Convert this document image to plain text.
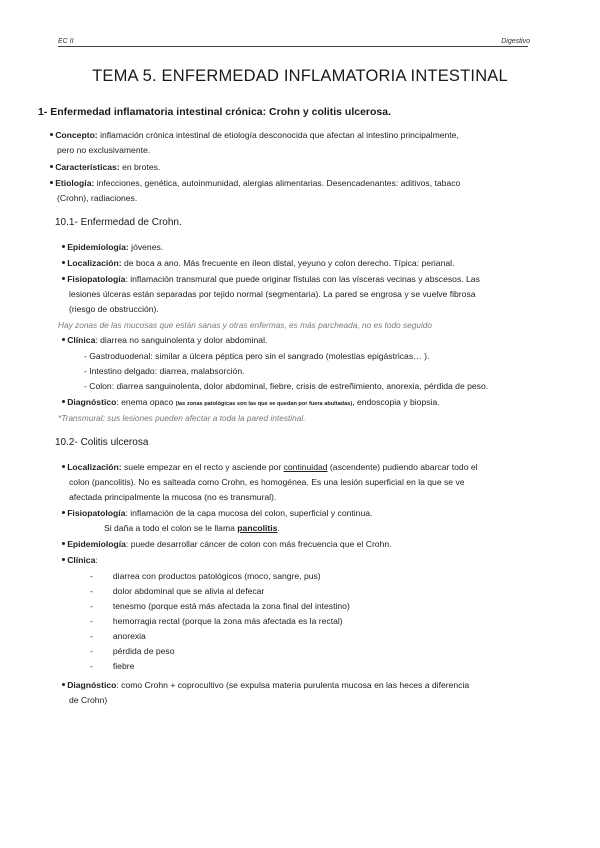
EC II	Digestivo
TEMA 5. ENFERMEDAD INFLAMATORIA INTESTINAL
1- Enfermedad inflamatoria intestinal crónica: Crohn y colitis ulcerosa.
Concepto: inflamación crónica intestinal de etiología desconocida que afectan al intestino principalmente,
pero no exclusivamente.
Características: en brotes.
Etiología: infecciones, genética, autoinmunidad, alergias alimentarias. Desencadenantes: aditivos, tabaco
(Crohn), radiaciones.
10.1- Enfermedad de Crohn.
Epidemiología: jóvenes.
Localización: de boca a ano. Más frecuente en íleon distal, yeyuno y colon derecho. Típica: perianal.
Fisiopatología: inflamación transmural que puede originar fístulas con las vísceras vecinas y abscesos. Las
lesiones úlceras están separadas por tejido normal (segmentaria). La pared se engrosa y se vuelve fibrosa
(riesgo de obstrucción).
Hay zonas de las mucosas que están sanas y otras enfermas, es más parcheada, no es todo seguido
Clínica: diarrea no sanguinolenta y dolor abdominal.
- Gastroduodenal: similar a úlcera péptica pero sin el sangrado (molestias epigástricas… ).
- Intestino delgado: diarrea, malabsorción.
- Colon: diarrea sanguinolenta, dolor abdominal, fiebre, crisis de estreñimiento, anorexia, pérdida de peso.
Diagnóstico: enema opaco (las zonas patológicas son las que se quedan por fuera abultadas), endoscopia y biopsia.
*Transmural: sus lesiones pueden afectar a toda la pared intestinal.
10.2- Colitis ulcerosa
Localización: suele empezar en el recto y asciende por continuidad (ascendente) pudiendo abarcar todo el
colon (pancolitis). No es salteada como Crohn, es homogénea. Es una lesión superficial en la que se ve
afectada principalmente la mucosa (no es transmural).
Fisiopatología: inflamación de la capa mucosa del colon, superficial y continua.
Si daña a todo el colon se le llama pancolitis.
Epidemiología: puede desarrollar cáncer de colon con más frecuencia que el Crohn.
Clínica:
- diarrea con productos patológicos (moco, sangre, pus)
- dolor abdominal que se alivia al defecar
- tenesmo (porque está más afectada la zona final del intestino)
- hemorragia rectal (porque la zona más afectada es la rectal)
- anorexia
- pérdida de peso
- fiebre
Diagnóstico: como Crohn + coprocultivo (se expulsa materia purulenta mucosa en las heces a diferencia
de Crohn)
